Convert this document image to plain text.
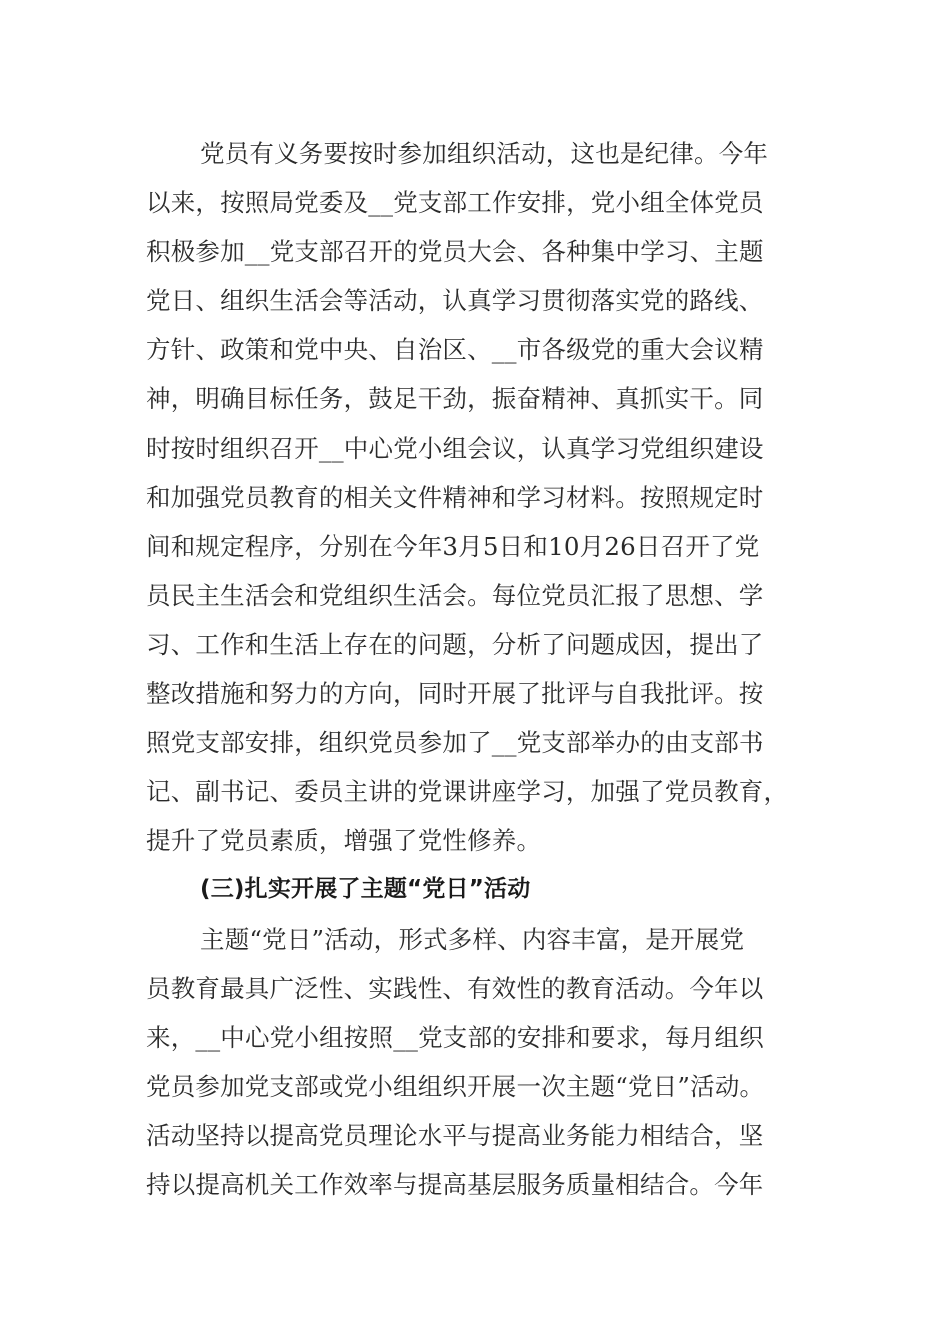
党员有义务要按时参加组织活动，这也是纪律。今年
以来，按照局党委及__党支部工作安排，党小组全体党员
积极参加__党支部召开的党员大会、各种集中学习、主题
党日、组织生活会等活动，认真学习贯彻落实党的路线、
方针、政策和党中央、自治区、__市各级党的重大会议精
神，明确目标任务，鼓足干劲，振奋精神、真抓实干。同
时按时组织召开__中心党小组会议，认真学习党组织建设
和加强党员教育的相关文件精神和学习材料。按照规定时
间和规定程序，分别在今年3月5日和10月26日召开了党
员民主生活会和党组织生活会。每位党员汇报了思想、学
习、工作和生活上存在的问题，分析了问题成因，提出了
整改措施和努力的方向，同时开展了批评与自我批评。按
照党支部安排，组织党员参加了__党支部举办的由支部书
记、副书记、委员主讲的党课讲座学习，加强了党员教育，
提升了党员素质，增强了党性修养。
(三)扎实开展了主题“党日”活动
主题“党日”活动，形式多样、内容丰富，是开展党
员教育最具广泛性、实践性、有效性的教育活动。今年以
来，__中心党小组按照__党支部的安排和要求，每月组织
党员参加党支部或党小组组织开展一次主题“党日”活动。
活动坚持以提高党员理论水平与提高业务能力相结合，坚
持以提高机关工作效率与提高基层服务质量相结合。今年
